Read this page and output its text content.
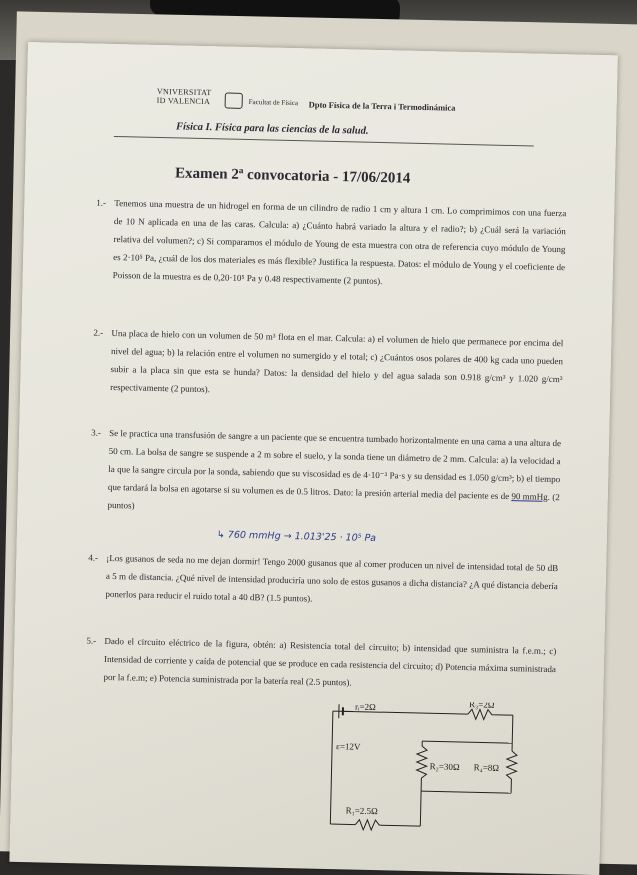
VNIVERSITAT
ID VALENCIA	Facultat de Física Dpto Física de la Terra i Termodinámica
Física I. Física para las ciencias de la salud.
Examen 2ª convocatoria - 17/06/2014
1.- Tenemos una muestra de un hidrogel en forma de un cilindro de radio 1 cm y altura 1 cm. Lo comprimimos con una fuerza de 10 N aplicada en una de las caras. Calcula: a) ¿Cuánto habrá variado la altura y el radio?; b) ¿Cuál será la variación relativa del volumen?; c) Si comparamos el módulo de Young de esta muestra con otra de referencia cuyo módulo de Young es 2·10⁵ Pa, ¿cuál de los dos materiales es más flexible? Justifica la respuesta. Datos: el módulo de Young y el coeficiente de Poisson de la muestra es de 0,20·10⁵ Pa y 0.48 respectivamente (2 puntos).
2.- Una placa de hielo con un volumen de 50 m³ flota en el mar. Calcula: a) el volumen de hielo que permanece por encima del nivel del agua; b) la relación entre el volumen no sumergido y el total; c) ¿Cuántos osos polares de 400 kg cada uno pueden subir a la placa sin que esta se hunda? Datos: la densidad del hielo y del agua salada son 0.918 g/cm³ y 1.020 g/cm³ respectivamente (2 puntos).
3.- Se le practica una transfusión de sangre a un paciente que se encuentra tumbado horizontalmente en una cama a una altura de 50 cm. La bolsa de sangre se suspende a 2 m sobre el suelo, y la sonda tiene un diámetro de 2 mm. Calcula: a) la velocidad a la que la sangre circula por la sonda, sabiendo que su viscosidad es de 4·10⁻³ Pa·s y su densidad es 1.050 g/cm³; b) el tiempo que tardará la bolsa en agotarse si su volumen es de 0.5 litros. Dato: la presión arterial media del paciente es de 90 mmHg. (2 puntos)
↳ 760 mmHg → 1.013'25 · 10⁵ Pa
4.- ¡Los gusanos de seda no me dejan dormir! Tengo 2000 gusanos que al comer producen un nivel de intensidad total de 50 dB a 5 m de distancia. ¿Qué nivel de intensidad produciría uno solo de estos gusanos a dicha distancia? ¿A qué distancia debería ponerlos para reducir el ruido total a 40 dB? (1.5 puntos).
5.- Dado el circuito eléctrico de la figura, obtén: a) Resistencia total del circuito; b) intensidad que suministra la f.e.m.; c) Intensidad de corriente y caída de potencial que se produce en cada resistencia del circuito; d) Potencia máxima suministrada por la f.e.m; e) Potencia suministrada por la batería real (2.5 puntos).
rᵢ=2Ω
ε=12V
R₁=2.5Ω
R₂=30Ω
R₃=2Ω
R₄=8Ω
